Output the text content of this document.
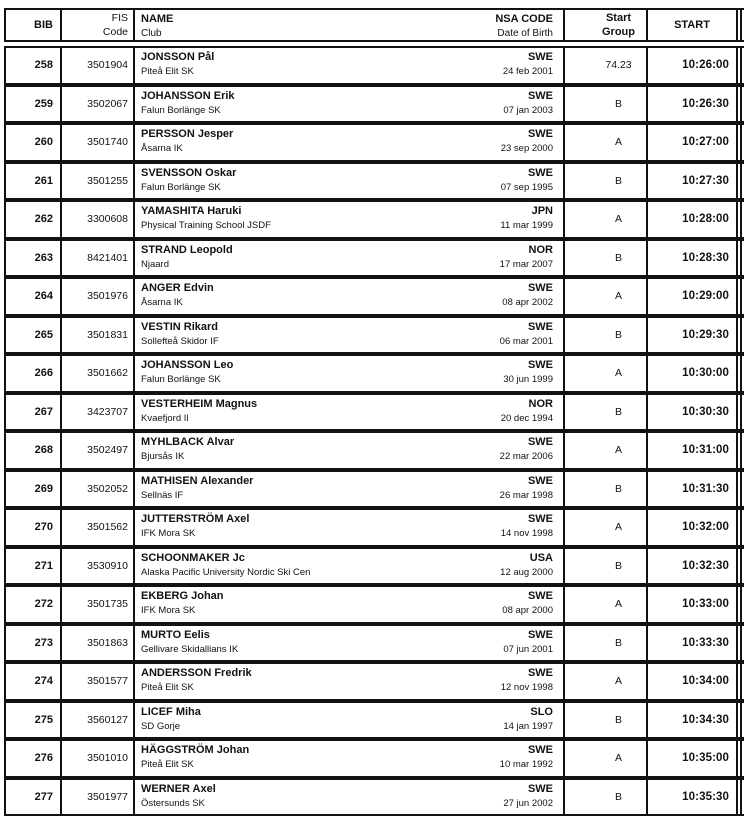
BIB
FIS
Code
NAME
Club
NSA CODE
Date of Birth
Start
Group
START
258	3501904
JONSSON Pål
Piteå Elit SK
SWE
24 feb 2001
74.23	10:26:00
259	3502067
JOHANSSON Erik
Falun Borlänge SK
SWE
07 jan 2003
B	10:26:30
260	3501740
PERSSON Jesper
Åsarna IK
SWE
23 sep 2000
A	10:27:00
261	3501255
SVENSSON Oskar
Falun Borlänge SK
SWE
07 sep 1995
B	10:27:30
262	3300608
YAMASHITA Haruki
Physical Training School JSDF
JPN
11 mar 1999
A	10:28:00
263	8421401
STRAND Leopold
Njaard
NOR
17 mar 2007
B	10:28:30
264	3501976
ANGER Edvin
Åsarna IK
SWE
08 apr 2002
A	10:29:00
265	3501831
VESTIN Rikard
Sollefteå Skidor IF
SWE
06 mar 2001
B	10:29:30
266	3501662
JOHANSSON Leo
Falun Borlänge SK
SWE
30 jun 1999
A	10:30:00
267	3423707
VESTERHEIM Magnus
Kvaefjord Il
NOR
20 dec 1994
B	10:30:30
268	3502497
MYHLBACK Alvar
Bjursås IK
SWE
22 mar 2006
A	10:31:00
269	3502052
MATHISEN Alexander
Sellnäs IF
SWE
26 mar 1998
B	10:31:30
270	3501562
JUTTERSTRÖM Axel
IFK Mora SK
SWE
14 nov 1998
A	10:32:00
271	3530910
SCHOONMAKER Jc
Alaska Pacific University Nordic Ski Cen
USA
12 aug 2000
B	10:32:30
272	3501735
EKBERG Johan
IFK Mora SK
SWE
08 apr 2000
A	10:33:00
273	3501863
MURTO Eelis
Gellivare Skidallians IK
SWE
07 jun 2001
B	10:33:30
274	3501577
ANDERSSON Fredrik
Piteå Elit SK
SWE
12 nov 1998
A	10:34:00
275	3560127
LICEF Miha
SD Gorje
SLO
14 jan 1997
B	10:34:30
276	3501010
HÄGGSTRÖM Johan
Piteå Elit SK
SWE
10 mar 1992
A	10:35:00
277	3501977
WERNER Axel
Östersunds SK
SWE
27 jun 2002
B	10:35:30
